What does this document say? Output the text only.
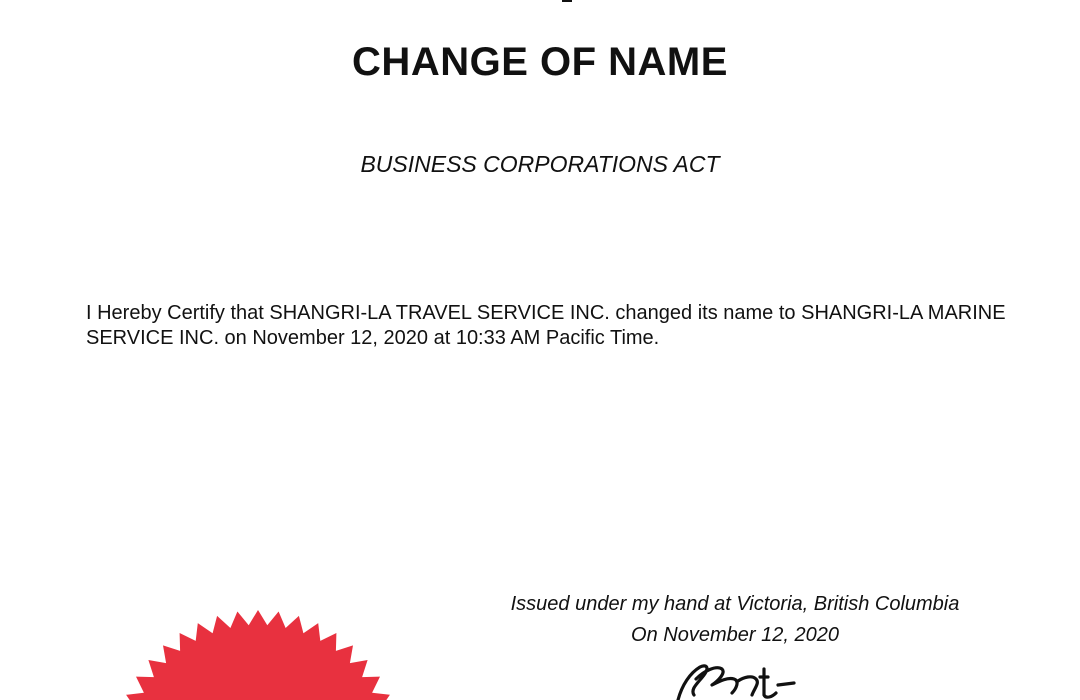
CHANGE OF NAME

BUSINESS CORPORATIONS ACT

I Hereby Certify that SHANGRI-LA TRAVEL SERVICE INC. changed its name to SHANGRI-LA MARINE SERVICE INC. on November 12, 2020 at 10:33 AM Pacific Time.

Issued under my hand at Victoria, British Columbia
On November 12, 2020
